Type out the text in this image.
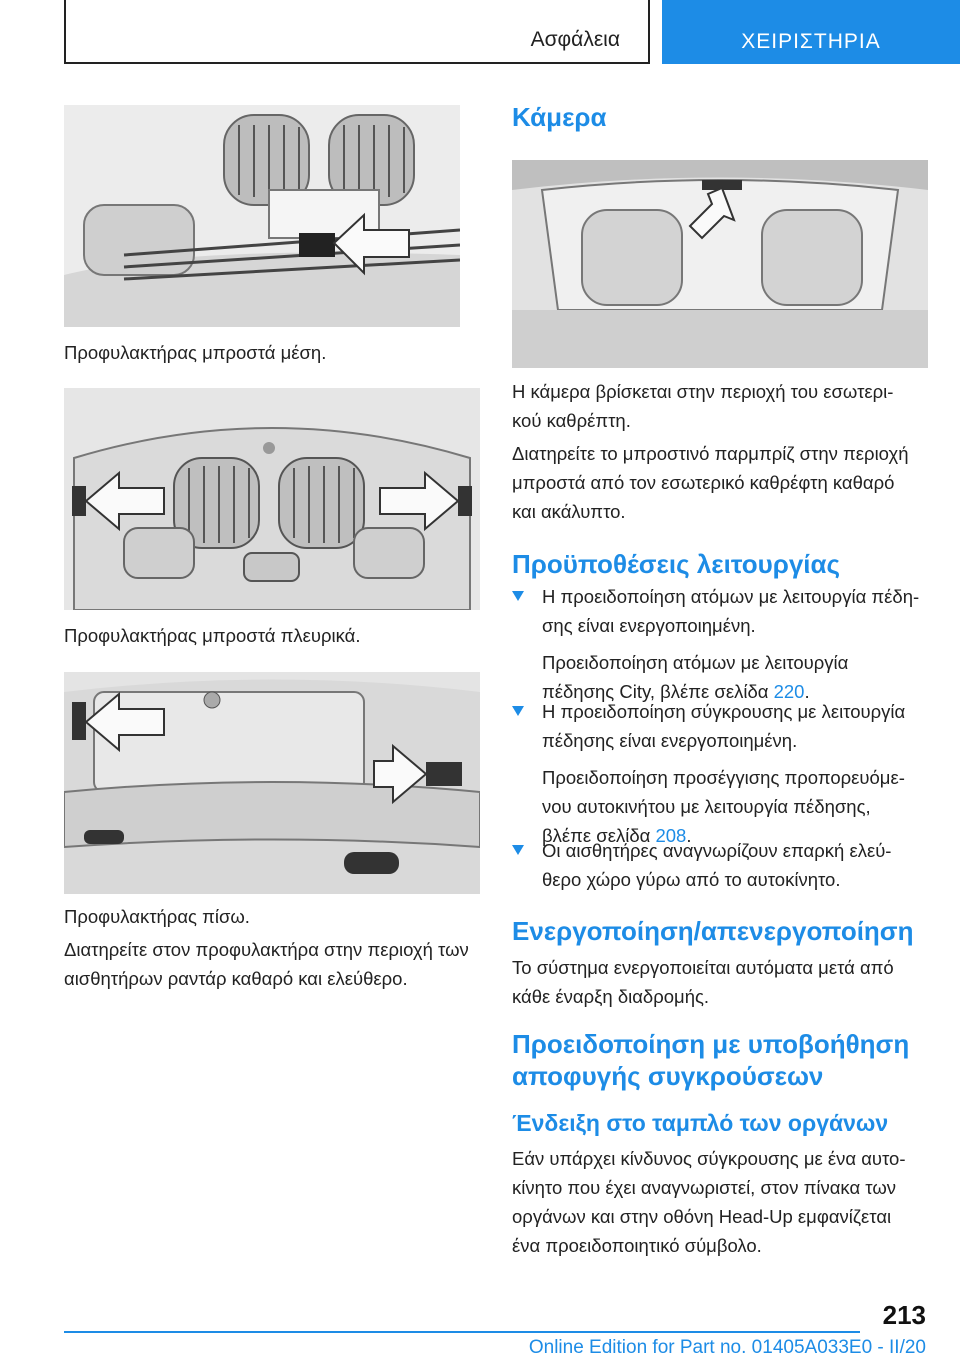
Ασφάλεια	ΧΕΙΡΙΣΤΗΡΙΑ
Προφυλακτήρας μπροστά μέση.
Προφυλακτήρας μπροστά πλευρικά.
Προφυλακτήρας πίσω.
Διατηρείτε στον προφυλακτήρα στην περιοχή των
αισθητήρων ραντάρ καθαρό και ελεύθερο.
Κάμερα
Η κάμερα βρίσκεται στην περιοχή του εσωτερι-
κού καθρέπτη.
Διατηρείτε το μπροστινό παρμπρίζ στην περιοχή
μπροστά από τον εσωτερικό καθρέφτη καθαρό
και ακάλυπτο.
Προϋποθέσεις λειτουργίας
Η προειδοποίηση ατόμων με λειτουργία πέδη-
σης είναι ενεργοποιημένη.
Προειδοποίηση ατόμων με λειτουργία
πέδησης City, βλέπε σελίδα 220.
Η προειδοποίηση σύγκρουσης με λειτουργία
πέδησης είναι ενεργοποιημένη.
Προειδοποίηση προσέγγισης προπορευόμε-
νου αυτοκινήτου με λειτουργία πέδησης,
βλέπε σελίδα 208.
Οι αισθητήρες αναγνωρίζουν επαρκή ελεύ-
θερο χώρο γύρω από το αυτοκίνητο.
Ενεργοποίηση/απενεργοποίηση
Το σύστημα ενεργοποιείται αυτόματα μετά από
κάθε έναρξη διαδρομής.
Προειδοποίηση με υποβοήθηση
αποφυγής συγκρούσεων
Ένδειξη στο ταμπλό των οργάνων
Εάν υπάρχει κίνδυνος σύγκρουσης με ένα αυτο-
κίνητο που έχει αναγνωριστεί, στον πίνακα των
οργάνων και στην οθόνη Head-Up εμφανίζεται
ένα προειδοποιητικό σύμβολο.
213
Online Edition for Part no. 01405A033E0 - II/20
